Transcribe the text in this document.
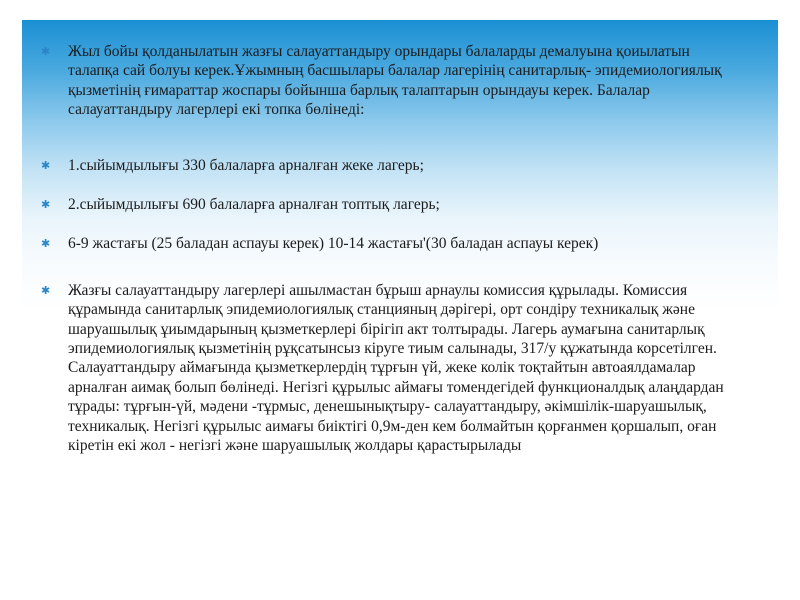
✱	Жыл бойы қолданылатын жазғы салауаттандыру орындары балаларды демалуына қоиылатын талапқа сай болуы керек.Ұжымның басшылары балалар лагерінің санитарлық- эпидемиологиялық қызметінің ғимараттар жоспары бойынша барлық талаптарын орындауы керек. Балалар салауаттандыру лагерлері екі топка бөлінеді:
✱	1.сыйымдылығы 330 балаларға арналған жеке лагерь;
✱	2.сыйымдылығы 690 балаларға арналған топтық лагерь;
✱	6-9 жастағы (25 баладан аспауы керек) 10-14 жастағы'(30 баладан аспауы керек)
✱	Жазғы салауаттандыру лагерлері ашылмастан бұрыш арнаулы комиссия құрылады. Комиссия құрамында санитарлық эпидемиологиялық станцияның дәрігері, орт сондіру техникалық және шаруашылық ұиымдарының қызметкерлері бірігіп акт толтырады. Лагерь аумағына санитарлық эпидемиологиялық қызметінің рұқсатынсыз кіруге тиым салынады, 317/у құжатында корсетілген. Салауаттандыру аймағында қызметкерлердің тұрғын үй, жеке колік тоқтайтын автоаялдамалар арналған аимақ болып бөлінеді. Негізгі құрылыс аймағы томендегідей функционалдық алаңдардан тұрады: тұрғын-үй, мәдени -тұрмыс, денешынықтыру- салауаттандыру, әкімшілік-шаруашылық, техникалық. Негізгі құрылыс аимағы биіктігі 0,9м-ден кем болмайтын қорғанмен қоршалып, оған кіретін екі жол - негізгі және шаруашылық жолдары қарастырылады
